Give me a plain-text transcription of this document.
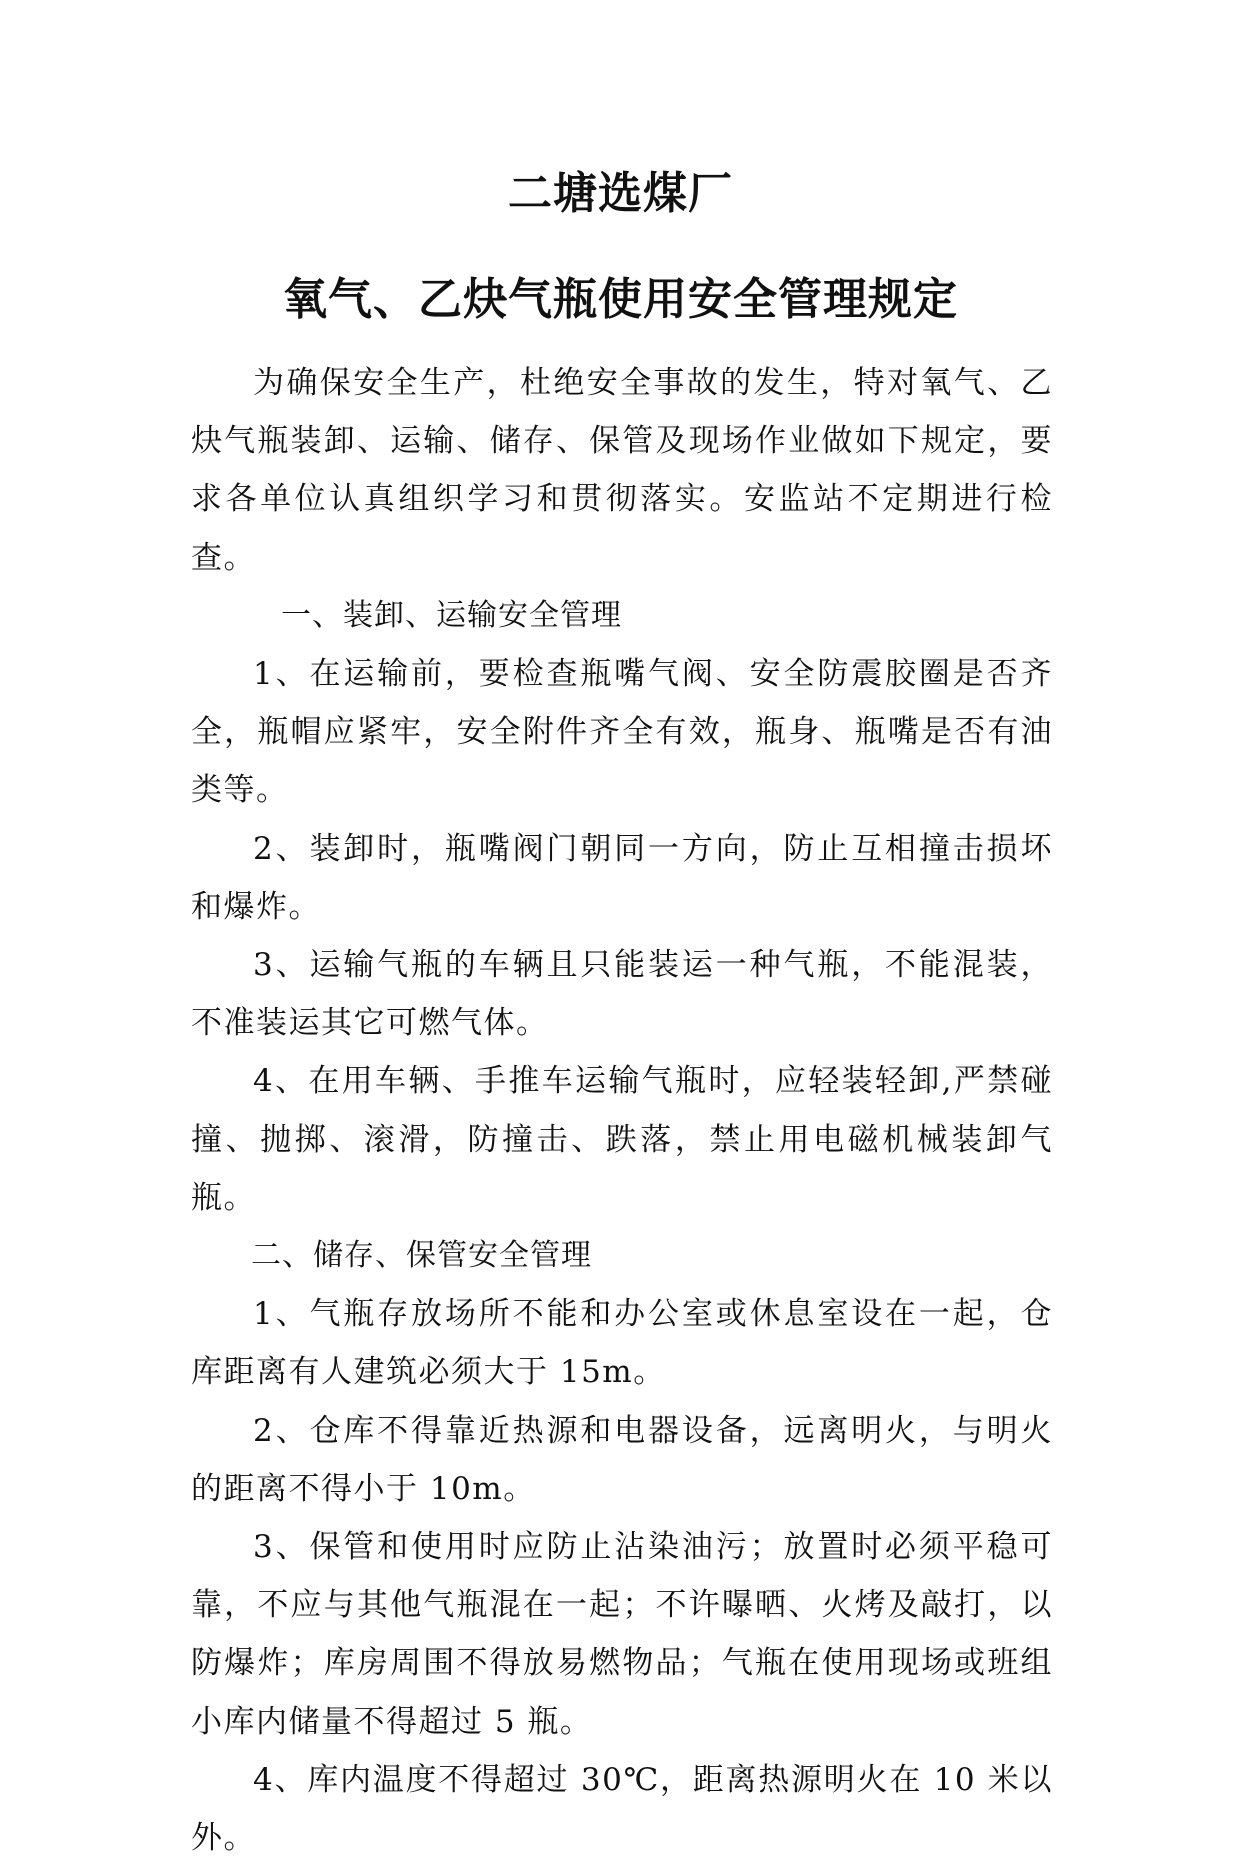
二塘选煤厂
氧气、乙炔气瓶使用安全管理规定

为确保安全生产，杜绝安全事故的发生，特对氧气、乙炔气瓶装卸、运输、储存、保管及现场作业做如下规定，要求各单位认真组织学习和贯彻落实。安监站不定期进行检查。

一、装卸、运输安全管理

1、在运输前，要检查瓶嘴气阀、安全防震胶圈是否齐全，瓶帽应紧牢，安全附件齐全有效，瓶身、瓶嘴是否有油类等。

2、装卸时，瓶嘴阀门朝同一方向，防止互相撞击损坏和爆炸。

3、运输气瓶的车辆且只能装运一种气瓶，不能混装，不准装运其它可燃气体。

4、在用车辆、手推车运输气瓶时，应轻装轻卸,严禁碰撞、抛掷、滚滑，防撞击、跌落，禁止用电磁机械装卸气瓶。

二、储存、保管安全管理

1、气瓶存放场所不能和办公室或休息室设在一起，仓库距离有人建筑必须大于 15m。

2、仓库不得靠近热源和电器设备，远离明火，与明火的距离不得小于 10m。

3、保管和使用时应防止沾染油污；放置时必须平稳可靠，不应与其他气瓶混在一起；不许曝晒、火烤及敲打，以防爆炸；库房周围不得放易燃物品；气瓶在使用现场或班组小库内储量不得超过 5 瓶。

4、库内温度不得超过 30℃，距离热源明火在 10 米以外。
